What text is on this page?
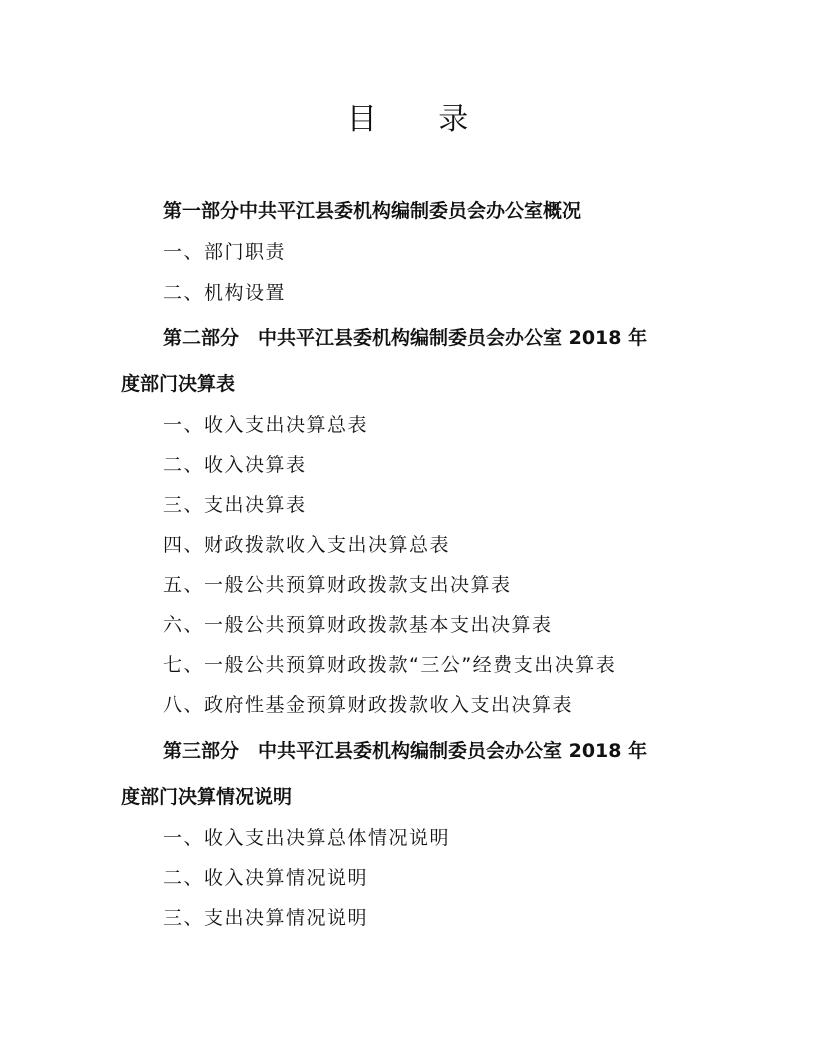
目 录
第一部分中共平江县委机构编制委员会办公室概况
一、部门职责
二、机构设置
第二部分　中共平江县委机构编制委员会办公室 2018 年
度部门决算表
一、收入支出决算总表
二、收入决算表
三、支出决算表
四、财政拨款收入支出决算总表
五、一般公共预算财政拨款支出决算表
六、一般公共预算财政拨款基本支出决算表
七、一般公共预算财政拨款“三公”经费支出决算表
八、政府性基金预算财政拨款收入支出决算表
第三部分　中共平江县委机构编制委员会办公室 2018 年
度部门决算情况说明
一、收入支出决算总体情况说明
二、收入决算情况说明
三、支出决算情况说明
